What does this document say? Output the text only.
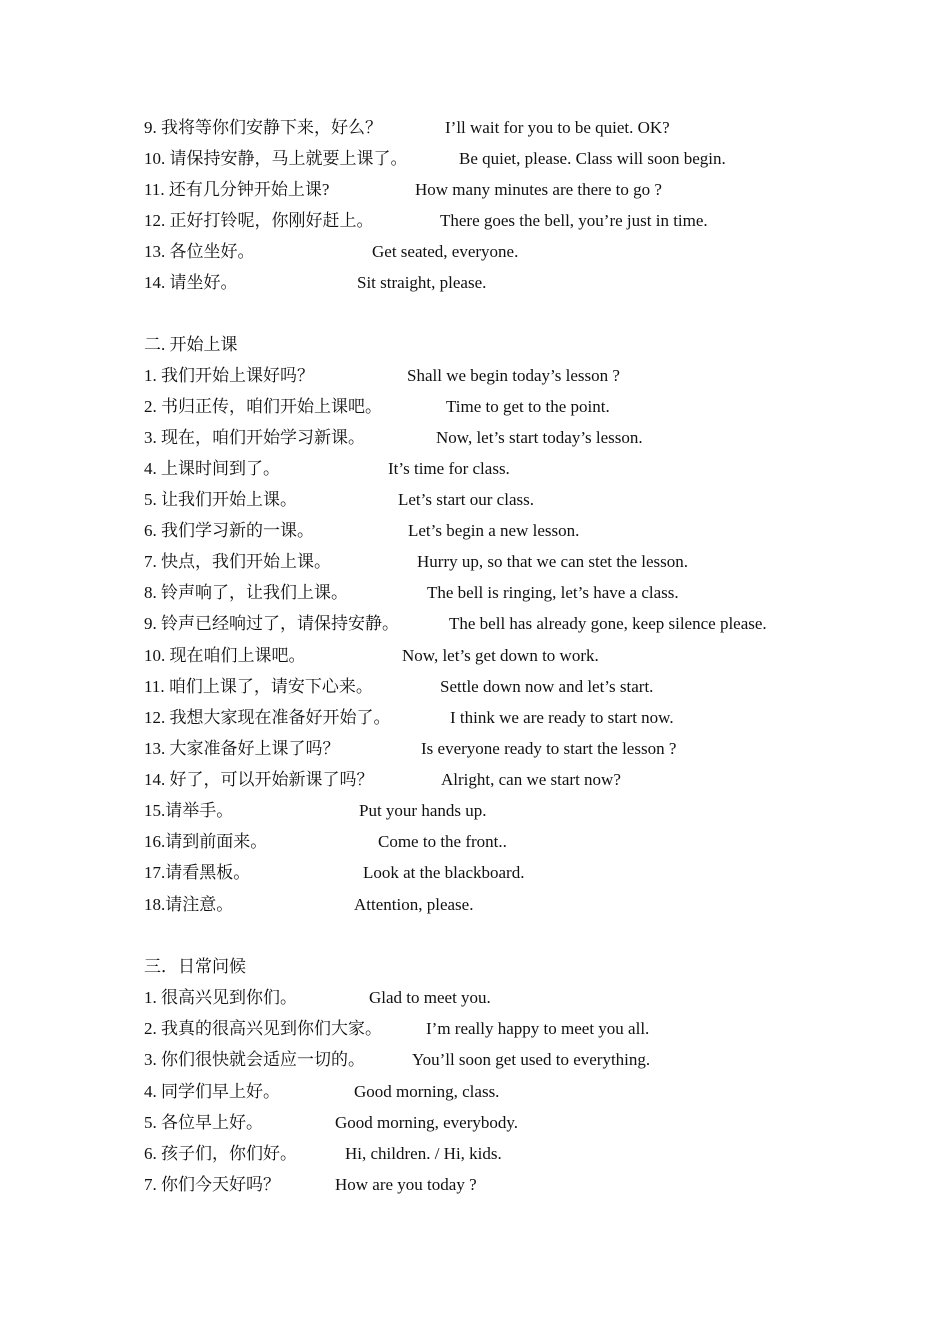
9. 我将等你们安静下来，好么？	I’ll wait for you to be quiet. OK?
10. 请保持安静，马上就要上课了。	Be quiet, please. Class will soon begin.
11. 还有几分钟开始上课?	How many minutes are there to go ?
12. 正好打铃呢，你刚好赶上。	There goes the bell, you’re just in time.
13. 各位坐好。	Get seated, everyone.
14. 请坐好。	Sit straight, please.
二. 开始上课
1. 我们开始上课好吗？	Shall we begin today’s lesson ?
2. 书归正传，咱们开始上课吧。	Time to get to the point.
3. 现在，咱们开始学习新课。	Now, let’s start today’s lesson.
4. 上课时间到了。	It’s time for class.
5. 让我们开始上课。	Let’s start our class.
6. 我们学习新的一课。	Let’s begin a new lesson.
7. 快点，我们开始上课。	Hurry up, so that we can stet the lesson.
8. 铃声响了，让我们上课。	The bell is ringing, let’s have a class.
9. 铃声已经响过了，请保持安静。	The bell has already gone, keep silence please.
10. 现在咱们上课吧。	Now, let’s get down to work.
11. 咱们上课了，请安下心来。	Settle down now and let’s start.
12. 我想大家现在准备好开始了。	I think we are ready to start now.
13. 大家准备好上课了吗？	Is everyone ready to start the lesson ?
14. 好了，可以开始新课了吗？	Alright, can we start now?
15.请举手。	Put your hands up.
16.请到前面来。	Come to the front..
17.请看黑板。	Look at the blackboard.
18.请注意。	Attention, please.
三．日常问候
1. 很高兴见到你们。	Glad to meet you.
2. 我真的很高兴见到你们大家。	I’m really happy to meet you all.
3. 你们很快就会适应一切的。	You’ll soon get used to everything.
4. 同学们早上好。	Good morning, class.
5. 各位早上好。	Good morning, everybody.
6. 孩子们，你们好。	Hi, children. / Hi, kids.
7. 你们今天好吗？	How are you today ?
